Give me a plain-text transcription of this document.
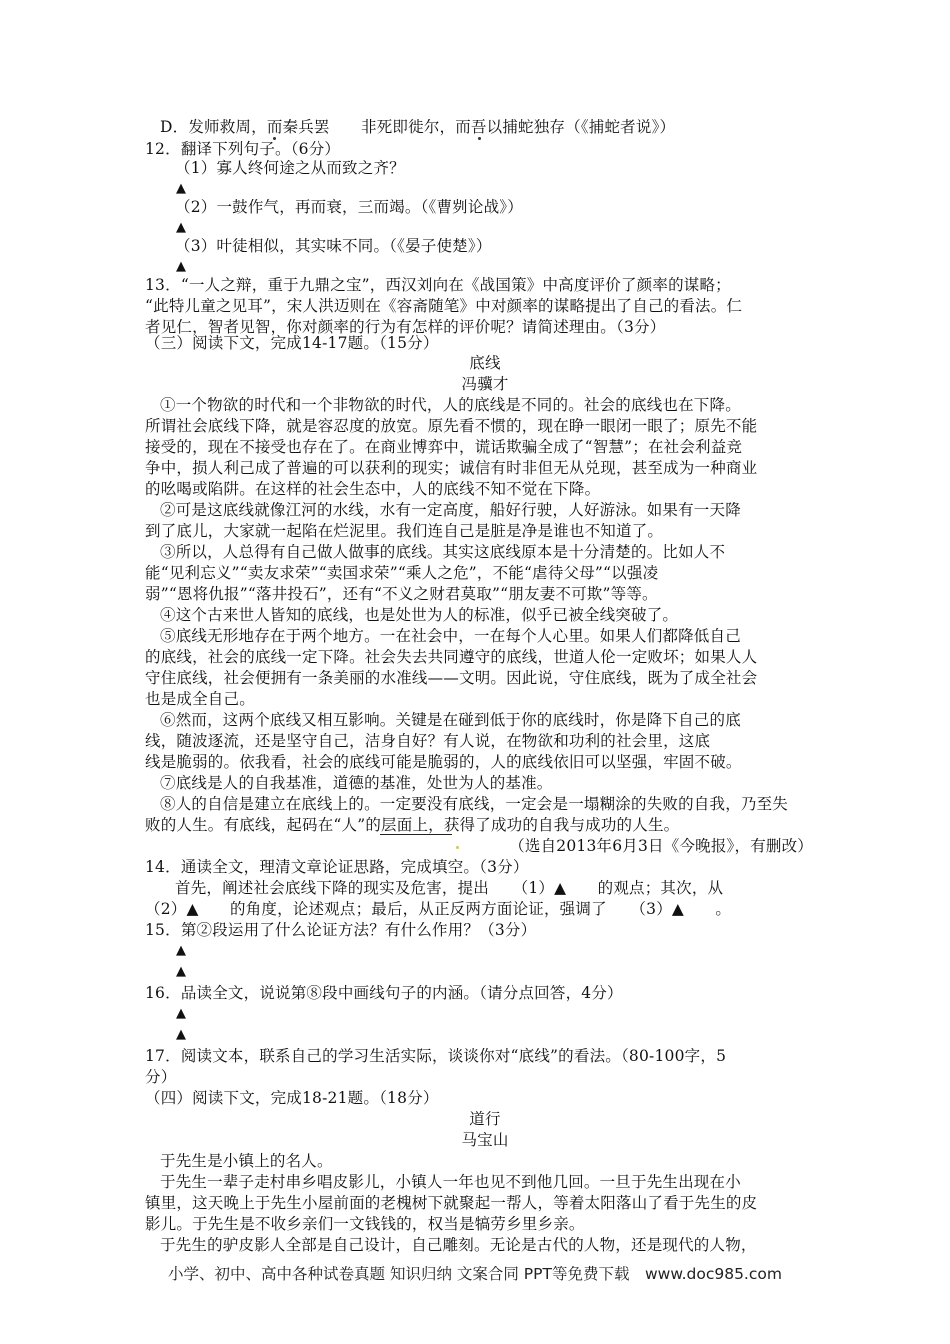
D．发师救周，而秦兵罢　　非死即徙尔，而吾以捕蛇独存（《捕蛇者说》）
12．翻译下列句子。（6分）
（1）寡人终何途之从而致之齐？
▲
（2）一鼓作气，再而衰，三而竭。（《曹刿论战》）
▲
（3）叶徒相似，其实味不同。（《晏子使楚》）
▲
13．“一人之辩，重于九鼎之宝”，西汉刘向在《战国策》中高度评价了颜率的谋略；
“此特儿童之见耳”，宋人洪迈则在《容斋随笔》中对颜率的谋略提出了自己的看法。仁
者见仁，智者见智，你对颜率的行为有怎样的评价呢？请简述理由。（3分）
（三）阅读下文，完成14-17题。（15分）
底线
冯骥才
①一个物欲的时代和一个非物欲的时代，人的底线是不同的。社会的底线也在下降。
所谓社会底线下降，就是容忍度的放宽。原先看不惯的，现在睁一眼闭一眼了；原先不能
接受的，现在不接受也存在了。在商业博弈中，谎话欺骗全成了“智慧”；在社会利益竞
争中，损人利己成了普遍的可以获利的现实；诚信有时非但无从兑现，甚至成为一种商业
的吆喝或陷阱。在这样的社会生态中，人的底线不知不觉在下降。
②可是这底线就像江河的水线，水有一定高度，船好行驶，人好游泳。如果有一天降
到了底儿，大家就一起陷在烂泥里。我们连自己是脏是净是谁也不知道了。
③所以，人总得有自己做人做事的底线。其实这底线原本是十分清楚的。比如人不
能“见利忘义”“卖友求荣”“卖国求荣”“乘人之危”，不能“虐待父母”“以强凌
弱”“恩将仇报”“落井投石”，还有“不义之财君莫取”“朋友妻不可欺”等等。
④这个古来世人皆知的底线，也是处世为人的标准，似乎已被全线突破了。
⑤底线无形地存在于两个地方。一在社会中，一在每个人心里。如果人们都降低自己
的底线，社会的底线一定下降。社会失去共同遵守的底线，世道人伦一定败坏；如果人人
守住底线，社会便拥有一条美丽的水准线——文明。因此说，守住底线，既为了成全社会
也是成全自己。
⑥然而，这两个底线又相互影响。关键是在碰到低于你的底线时，你是降下自己的底
线，随波逐流，还是坚守自己，洁身自好？有人说，在物欲和功利的社会里，这底
线是脆弱的。依我看，社会的底线可能是脆弱的，人的底线依旧可以坚强，牢固不破。
⑦底线是人的自我基准，道德的基准，处世为人的基准。
⑧人的自信是建立在底线上的。一定要没有底线，一定会是一塌糊涂的失败的自我，乃至失
败的人生。有底线，起码在“人”的层面上，获得了成功的自我与成功的人生。
（选自2013年6月3日《今晚报》，有删改）
14．通读全文，理清文章论证思路，完成填空。（3分）
首先，阐述社会底线下降的现实及危害，提出　　（1）▲　　的观点；其次，从
（2）▲　　的角度，论述观点；最后，从正反两方面论证，强调了　　（3）▲　　。
15．第②段运用了什么论证方法？有什么作用？（3分）
▲
▲
16．品读全文，说说第⑧段中画线句子的内涵。（请分点回答，4分）
▲
▲
17．阅读文本，联系自己的学习生活实际，谈谈你对“底线”的看法。（80-100字，5
分）
（四）阅读下文，完成18-21题。（18分）
道行
马宝山
于先生是小镇上的名人。
于先生一辈子走村串乡唱皮影儿，小镇人一年也见不到他几回。一旦于先生出现在小
镇里，这天晚上于先生小屋前面的老槐树下就聚起一帮人，等着太阳落山了看于先生的皮
影儿。于先生是不收乡亲们一文钱钱的，权当是犒劳乡里乡亲。
于先生的驴皮影人全部是自己设计，自己雕刻。无论是古代的人物，还是现代的人物，
小学、初中、高中各种试卷真题 知识归纳 文案合同 PPT等免费下载　www.doc985.com
